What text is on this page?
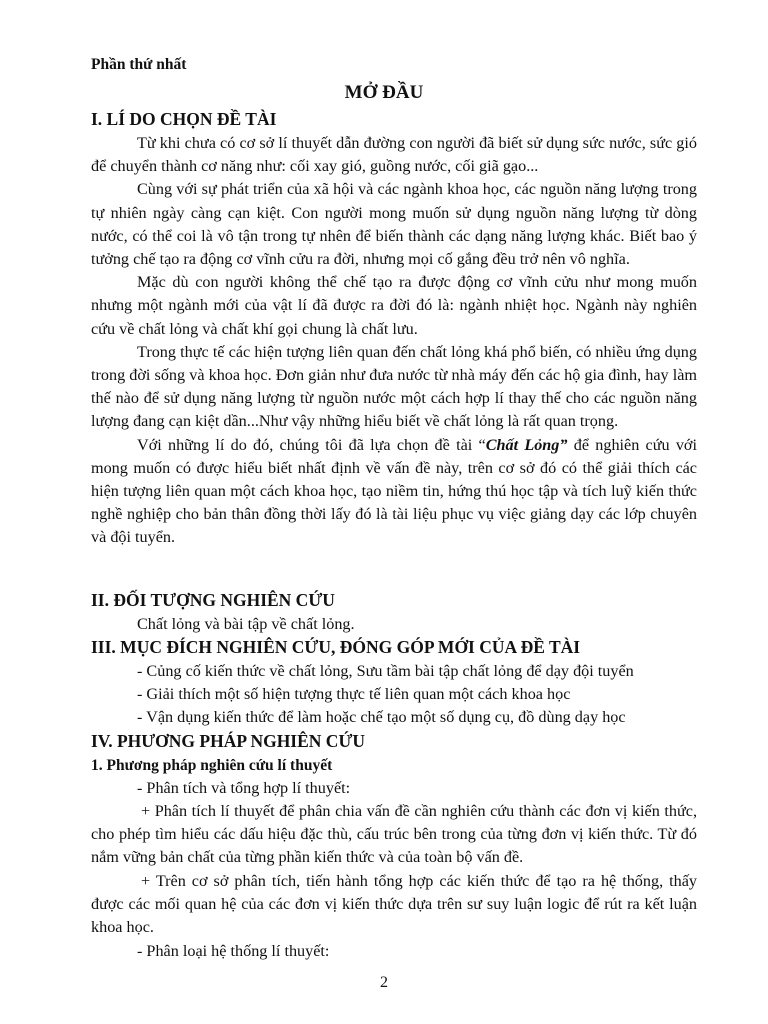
Phần thứ nhất
MỞ ĐẦU
I. LÍ DO CHỌN ĐỀ TÀI

Từ khi chưa có cơ sở lí thuyết dẫn đường con người đã biết sử dụng sức nước, sức gió để chuyển thành cơ năng như: cối xay gió, guồng nước, cối giã gạo...

Cùng với sự phát triển của xã hội và các ngành khoa học, các nguồn năng lượng trong tự nhiên ngày càng cạn kiệt. Con người mong muốn sử dụng nguồn năng lượng từ dòng nước, có thể coi là vô tận trong tự nhên để biến thành các dạng năng lượng khác. Biết bao ý tưởng chế tạo ra động cơ vĩnh cửu ra đời, nhưng mọi cố gắng đều trở nên vô nghĩa.

Mặc dù con người không thể chế tạo ra được động cơ vĩnh cửu như mong muốn nhưng một ngành mới của vật lí đã được ra đời đó là: ngành nhiệt học. Ngành này nghiên cứu về chất lỏng và chất khí gọi chung là chất lưu.

Trong thực tế các hiện tượng liên quan đến chất lỏng khá phổ biến, có nhiều ứng dụng trong đời sống và khoa học. Đơn giản như đưa nước từ nhà máy đến các hộ gia đình, hay làm thế nào để sử dụng năng lượng từ nguồn nước một cách hợp lí thay thế cho các nguồn năng lượng đang cạn kiệt dần...Như vậy những hiểu biết về chất lỏng là rất quan trọng.

Với những lí do đó, chúng tôi đã lựa chọn đề tài “Chất Lỏng” để nghiên cứu với mong muốn có được hiểu biết nhất định về vấn đề này, trên cơ sở đó có thể giải thích các hiện tượng liên quan một cách khoa học, tạo niềm tin, hứng thú học tập và tích luỹ kiến thức nghề nghiệp cho bản thân đồng thời lấy đó là tài liệu phục vụ việc giảng dạy các lớp chuyên và đội tuyển.

II. ĐỐI TƯỢNG NGHIÊN CỨU
Chất lỏng và bài tập về chất lỏng.
III. MỤC ĐÍCH NGHIÊN CỨU, ĐÓNG GÓP MỚI CỦA ĐỀ TÀI
- Củng cố kiến thức về chất lỏng, Sưu tầm bài tập chất lỏng để dạy đội tuyển
- Giải thích một số hiện tượng thực tế liên quan một cách khoa học
- Vận dụng kiến thức để làm hoặc chế tạo một số dụng cụ, đồ dùng dạy học
IV. PHƯƠNG PHÁP NGHIÊN CỨU
1. Phương pháp nghiên cứu lí thuyết
- Phân tích và tổng hợp lí thuyết:

+ Phân tích lí thuyết để phân chia vấn đề cần nghiên cứu thành các đơn vị kiến thức, cho phép tìm hiểu các dấu hiệu đặc thù, cấu trúc bên trong của từng đơn vị kiến thức. Từ đó nắm vững bản chất của từng phần kiến thức và của toàn bộ vấn đề.

+ Trên cơ sở phân tích, tiến hành tổng hợp các kiến thức để tạo ra hệ thống, thấy được các mối quan hệ của các đơn vị kiến thức dựa trên sư suy luận logic để rút ra kết luận khoa học.

- Phân loại hệ thống lí thuyết:
2
